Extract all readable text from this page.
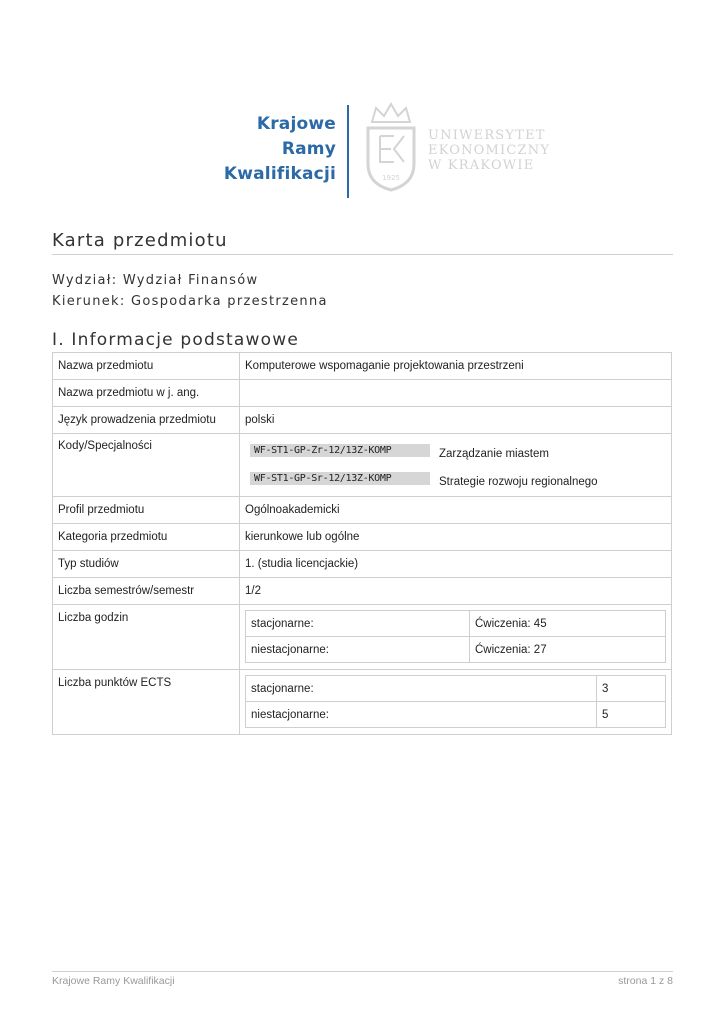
Krajowe
Ramy
Kwalifikacji	1925
UNIWERSYTET
EKONOMICZNY
W KRAKOWIE
Karta przedmiotu
Wydział: Wydział Finansów
Kierunek: Gospodarka przestrzenna
I. Informacje podstawowe
Nazwa przedmiotu	Komputerowe wspomaganie projektowania przestrzeni
Nazwa przedmiotu w j. ang.	
Język prowadzenia przedmiotu	polski
Kody/Specjalności	WF-ST1-GP-Zr-12/13Z-KOMP	Zarządzanie miastem
WF-ST1-GP-Sr-12/13Z-KOMP	Strategie rozwoju regionalnego

Profil przedmiotu	Ogólnoakademicki
Kategoria przedmiotu	kierunkowe lub ogólne
Typ studiów	1. (studia licencjackie)
Liczba semestrów/semestr	1/2
Liczba godzin		stacjonarne:	Ćwiczenia: 45
niestacjonarne:	Ćwiczenia: 27

Liczba punktów ECTS		stacjonarne:	3
niestacjonarne:	5
Krajowe Ramy Kwalifikacji	strona 1 z 8
